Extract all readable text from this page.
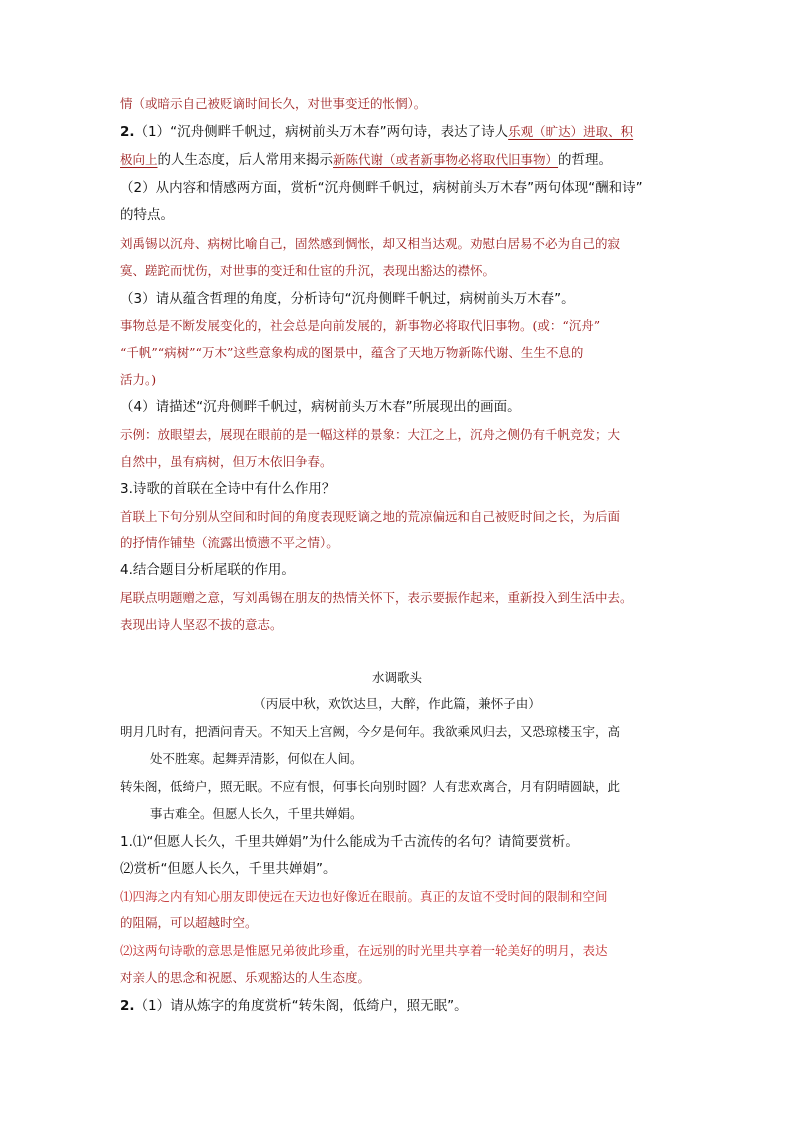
情（或暗示自己被贬谪时间长久，对世事变迁的怅惘）。
2.（1）“沉舟侧畔千帆过，病树前头万木春”两句诗，表达了诗人乐观（旷达）进取、积
极向上的人生态度，后人常用来揭示新陈代谢（或者新事物必将取代旧事物）的哲理。
（2）从内容和情感两方面，赏析“沉舟侧畔千帆过，病树前头万木春”两句体现“酬和诗”
的特点。
刘禹锡以沉舟、病树比喻自己，固然感到惆怅，却又相当达观。劝慰白居易不必为自己的寂
寞、蹉跎而忧伤，对世事的变迁和仕宦的升沉，表现出豁达的襟怀。
（3）请从蕴含哲理的角度，分析诗句“沉舟侧畔千帆过，病树前头万木春”。
事物总是不断发展变化的，社会总是向前发展的，新事物必将取代旧事物。(或：“沉舟”
“千帆”“病树”“万木”这些意象构成的图景中，蕴含了天地万物新陈代谢、生生不息的
活力。)
（4）请描述“沉舟侧畔千帆过，病树前头万木春”所展现出的画面。
示例：放眼望去，展现在眼前的是一幅这样的景象：大江之上，沉舟之侧仍有千帆竞发；大
自然中，虽有病树，但万木依旧争春。
3.诗歌的首联在全诗中有什么作用？
首联上下句分别从空间和时间的角度表现贬谪之地的荒凉偏远和自己被贬时间之长，为后面
的抒情作铺垫（流露出愤懑不平之情）。
4.结合题目分析尾联的作用。
尾联点明题赠之意，写刘禹锡在朋友的热情关怀下，表示要振作起来，重新投入到生活中去。
表现出诗人坚忍不拔的意志。
水调歌头
（丙辰中秋，欢饮达旦，大醉，作此篇，兼怀子由）
明月几时有，把酒问青天。不知天上宫阙，今夕是何年。我欲乘风归去，又恐琼楼玉宇，高
处不胜寒。起舞弄清影，何似在人间。
转朱阁，低绮户，照无眠。不应有恨，何事长向别时圆？人有悲欢离合，月有阴晴圆缺，此
事古难全。但愿人长久，千里共婵娟。
1.⑴“但愿人长久，千里共婵娟”为什么能成为千古流传的名句？请简要赏析。
⑵赏析“但愿人长久，千里共婵娟”。
⑴四海之内有知心朋友即使远在天边也好像近在眼前。真正的友谊不受时间的限制和空间
的阻隔，可以超越时空。
⑵这两句诗歌的意思是惟愿兄弟彼此珍重，在远别的时光里共享着一轮美好的明月，表达
对亲人的思念和祝愿、乐观豁达的人生态度。
2.（1）请从炼字的角度赏析“转朱阁，低绮户，照无眠”。
